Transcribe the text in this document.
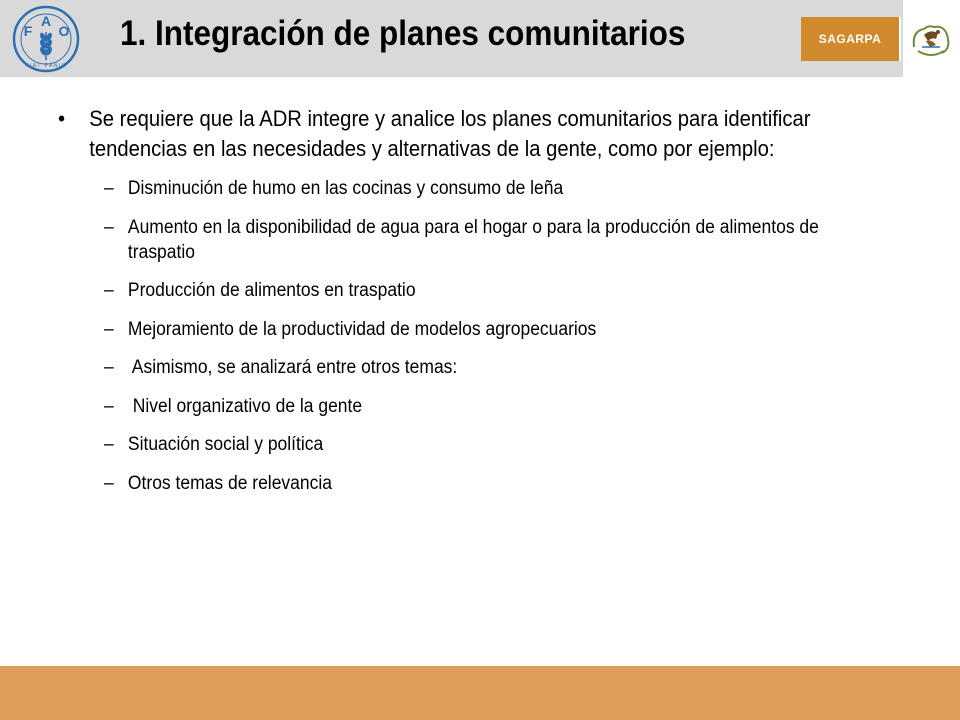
F
A
O
FIAT PANIS
1. Integración de planes comunitarios	SAGARPA
• Se requiere que la ADR integre y analice los planes comunitarios para identificar tendencias en las necesidades y alternativas de la gente, como por ejemplo:
– Disminución de humo en las cocinas y consumo de leña
– Aumento en la disponibilidad de agua para el hogar o para la producción de alimentos de traspatio
– Producción de alimentos en traspatio
– Mejoramiento de la productividad de modelos agropecuarios
– Asimismo, se analizará entre otros temas:
– Nivel organizativo de la gente
– Situación social y política
– Otros temas de relevancia
